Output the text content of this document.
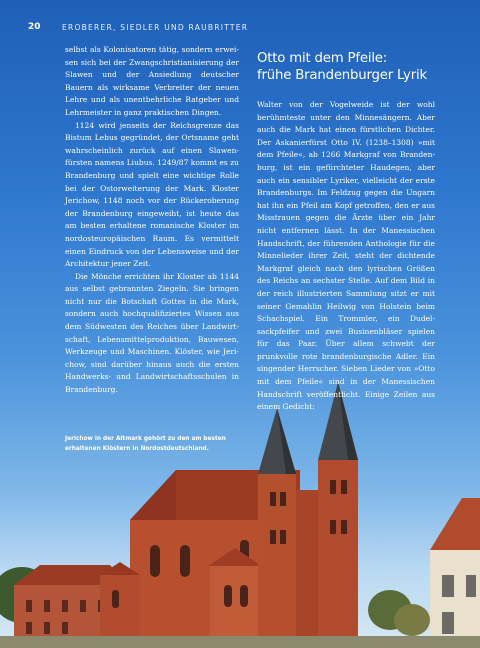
20	EROBERER, SIEDLER UND RAUBRITTER

selbst als Kolonisatoren tätig, sondern erweisen sich bei der Zwangschristianisierung der Slawen und der Ansiedlung deutscher Bauern als wirksame Verbreiter der neuen Lehre und als unentbehrliche Ratgeber und Lehrmeister in ganz praktischen Dingen.

1124 wird jenseits der Reichsgrenze das Bistum Lebus gegründet, der Ortsname geht wahrscheinlich zurück auf einen Slawenfürsten namens Liubus. 1249/87 kommt es zu Brandenburg und spielt eine wichtige Rolle bei der Ostorweiterung der Mark. Kloster Jerichow, 1148 noch vor der Rückeroberung der Brandenburg eingeweiht, ist heute das am besten erhaltene romanische Kloster im nordosteuropäischen Raum. Es vermittelt einen Eindruck von der Lebensweise und der Architektur jener Zeit.

Die Mönche errichten ihr Kloster ab 1144 aus selbst gebrannten Ziegeln. Sie bringen nicht nur die Botschaft Gottes in die Mark, sondern auch hochqualifiziertes Wissen aus dem Südwesten des Reiches über Landwirtschaft, Lebensmittelproduktion, Bauwesen, Werkzeuge und Maschinen. Klöster, wie Jerichow, sind darüber hinaus auch die ersten Handwerks- und Landwirtschaftsschulen in Brandenburg.

Otto mit dem Pfeile:
frühe Brandenburger Lyrik

Walter von der Vogelweide ist der wohl berühmteste unter den Minnesängern. Aber auch die Mark hat einen fürstlichen Dichter. Der Askanierfürst Otto IV. (1238–1308) »mit dem Pfeile«, ab 1266 Markgraf von Brandenburg, ist ein gefürchteter Haudegen, aber auch ein sensibler Lyriker, vielleicht der erste Brandenburgs. Im Feldzug gegen die Ungarn hat ihn ein Pfeil am Kopf getroffen, den er aus Misstrauen gegen die Ärzte über ein Jahr nicht entfernen lässt. In der Manessischen Handschrift, der führenden Anthologie für die Minnelieder ihrer Zeit, steht der dichtende Markgraf gleich nach den lyrischen Größen des Reichs an sechster Stelle. Auf dem Bild in der reich illustrierten Sammlung sitzt er mit seiner Gemahlin Heilwig von Holstein beim Schachspiel. Ein Trommler, ein Dudelsackpfeifer und zwei Businenbläser spielen für das Paar. Über allem schwebt der prunkvolle rote brandenburgische Adler. Ein singender Herrscher. Sieben Lieder von »Otto mit dem Pfeile« sind in der Manessischen Handschrift veröffentlicht. Einige Zeilen aus einem Gedicht:

Jerichow in der Altmark gehört zu den am besten erhaltenen Klöstern in Nordostdeutschland.
